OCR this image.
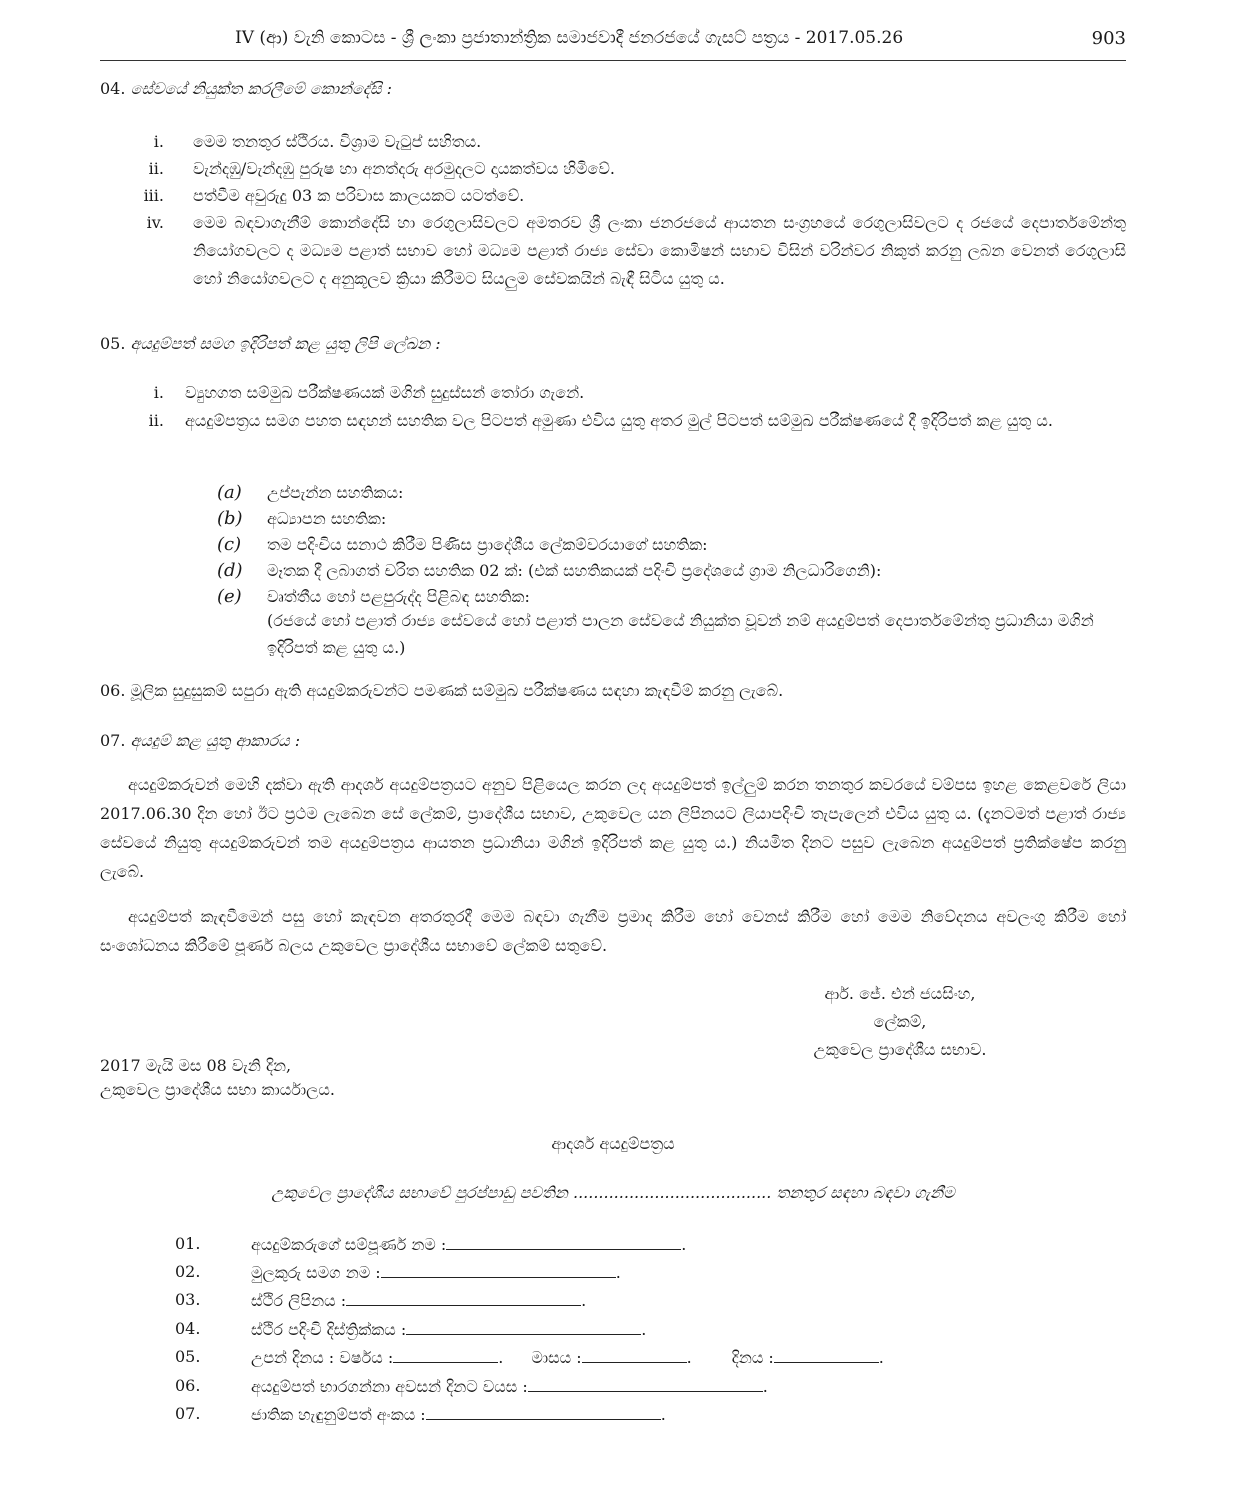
IV (ආ) වැනි කොටස - ශ්‍රී ලංකා ප්‍රජාතාන්ත්‍රික සමාජවාදී ජනරජයේ ගැසට් පත්‍රය - 2017.05.26	903
04. සේවයේ නියුක්ත කරලීමේ කොන්දේසි :
i. මෙම තනතුර ස්ථිරය. විශ්‍රාම වැටුප් සහිතය.
ii. වැන්දඹු/වැන්දඹු පුරුෂ හා අනත්දරු අරමුදලට දායකත්වය හිමිවේ.
iii. පත්වීම අවුරුදු 03 ක පරිවාස කාලයකට යටත්වේ.
iv. මෙම බඳවාගැනීම් කොන්දේසි හා රෙගුලාසිවලට අමතරව ශ්‍රී ලංකා ජනරජයේ ආයතන සංග්‍රහයේ රෙගුලාසිවලට ද රජයේ දෙපාර්තමේන්තු නියෝගවලට ද මධ්‍යම පළාත් සභාව හෝ මධ්‍යම පළාත් රාජ්‍ය සේවා කොමිෂන් සභාව විසින් වරින්වර නිකුත් කරනු ලබන වෙනත් රෙගුලාසි හෝ නියෝගවලට ද අනුකූලව ක්‍රියා කිරීමට සියලුම සේවකයින් බැඳී සිටිය යුතු ය.
05. අයදුම්පත් සමග ඉදිරිපත් කළ යුතු ලිපි ලේඛන :
i. ව්‍යුහගත සම්මුඛ පරීක්ෂණයක් මගින් සුදුස්සන් තෝරා ගැනේ.
ii. අයදුම්පත්‍රය සමග පහත සඳහන් සහතික වල පිටපත් අමුණා එවිය යුතු අතර මුල් පිටපත් සම්මුඛ පරීක්ෂණයේ දී ඉදිරිපත් කළ යුතු ය.
(a) උප්පැන්න සහතිකය:
(b) අධ්‍යාපන සහතික:
(c) තම පදිංචිය සනාථ කිරීම පිණිස ප්‍රාදේශීය ලේකම්වරයාගේ සහතික:
(d) මෑතක දී ලබාගත් චරිත සහතික 02 ක්: (එක් සහතිකයක් පදිංචි ප්‍රදේශයේ ග්‍රාම නිලධාරිගෙනි):
(e) වෘත්තීය හෝ පළපුරුද්ද පිළිබඳ සහතික:
(රජයේ හෝ පළාත් රාජ්‍ය සේවයේ හෝ පළාත් පාලන සේවයේ නියුක්ත වූවන් නම් අයදුම්පත් දෙපාර්තමේන්තු ප්‍රධානියා මගින් ඉදිරිපත් කළ යුතු ය.)
06. මූලික සුදුසුකම් සපුරා ඇති අයදුම්කරුවන්ට පමණක් සම්මුඛ පරීක්ෂණය සඳහා කැඳවීම් කරනු ලැබේ.
07. අයදුම් කළ යුතු ආකාරය :
අයදුම්කරුවන් මෙහි දක්වා ඇති ආදර්ශ අයදුම්පත්‍රයට අනුව පිළියෙල කරන ලද අයදුම්පත් ඉල්ලුම් කරන තනතුර කවරයේ වම්පස ඉහළ කෙළවරේ ලියා 2017.06.30 දින හෝ ඊට ප්‍රථම ලැබෙන සේ ලේකම්, ප්‍රාදේශීය සභාව, උකුවෙල යන ලිපිනයට ලියාපදිංචි තැපැලෙන් එවිය යුතු ය. (දැනටමත් පළාත් රාජ්‍ය සේවයේ නියුතු අයදුම්කරුවන් තම අයදුම්පත්‍රය ආයතන ප්‍රධානියා මගින් ඉදිරිපත් කළ යුතු ය.) නියමිත දිනට පසුව ලැබෙන අයදුම්පත් ප්‍රතික්ෂේප කරනු ලැබේ.
අයදුම්පත් කැඳවීමෙන් පසු හෝ කැඳවන අතරතුරදී මෙම බඳවා ගැනීම ප්‍රමාද කිරීම හෝ වෙනස් කිරීම හෝ මෙම නිවේදනය අවලංගු කිරීම හෝ සංශෝධනය කිරීමේ පූර්ණ බලය උකුවෙල ප්‍රාදේශීය සභාවේ ලේකම් සතුවේ.
ආර්. ජේ. එන් ජයසිංහ,
ලේකම්,
උකුවෙල ප්‍රාදේශීය සභාව.
2017 මැයි මස 08 වැනි දින,
උකුවෙල ප්‍රාදේශීය සභා කාර්යාලය.
ආදර්ශ අයදුම්පත්‍රය
උකුවෙල ප්‍රාදේශීය සභාවේ පුරප්පාඩු පවතින ....................................... තනතුර සඳහා බඳවා ගැනීම
01.	අයදුම්කරුගේ සම්පූර්ණ නම :	.
02.	මුලකුරු සමග නම :	.
03.	ස්ථිර ලිපිනය :	.
04.	ස්ථිර පදිංචි දිස්ත්‍රික්කය :	.
05.	උපන් දිනය : වර්ෂය :	. මාසය :	.	දිනය :	.
06.	අයදුම්පත් භාරගන්නා අවසන් දිනට වයස :	.
07.	ජාතික හැඳුනුම්පත් අංකය :	.
